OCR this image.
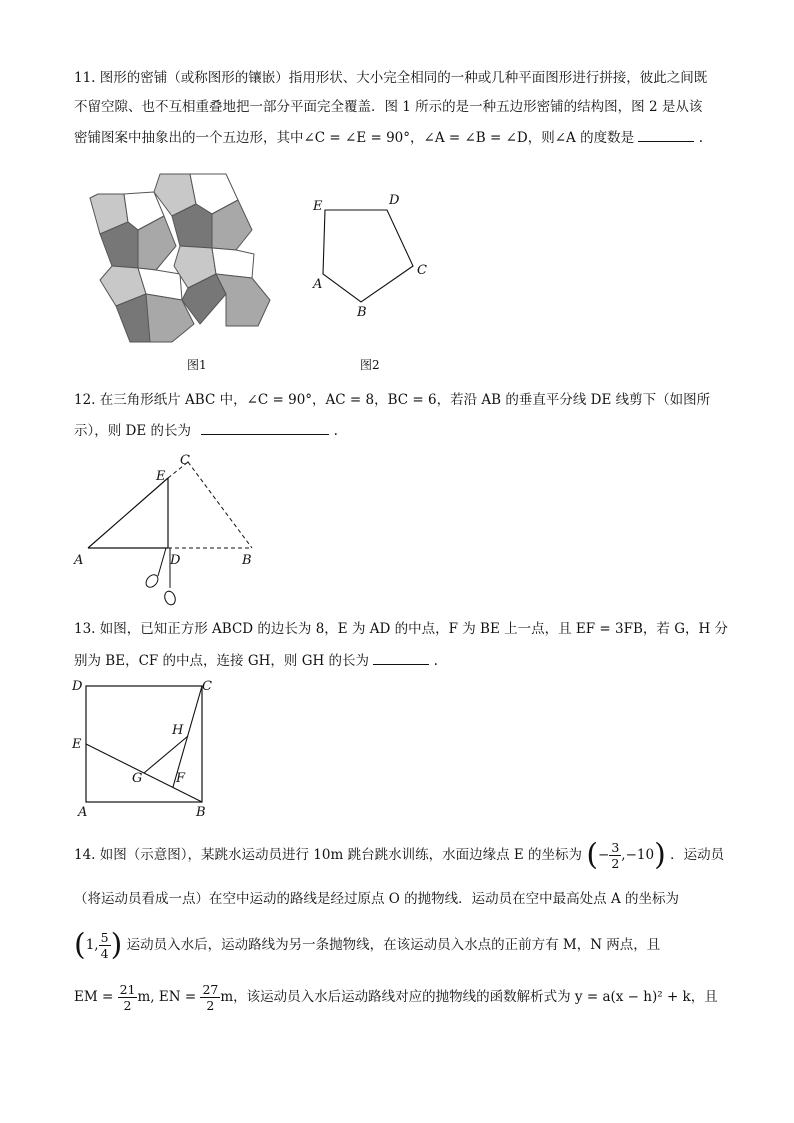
11. 图形的密铺（或称图形的镶嵌）指用形状、大小完全相同的一种或几种平面图形进行拼接，彼此之间既
不留空隙、也不互相重叠地把一部分平面完全覆盖．图 1 所示的是一种五边形密铺的结构图，图 2 是从该
密铺图案中抽象出的一个五边形，其中∠C = ∠E = 90°，∠A = ∠B = ∠D，则∠A 的度数是	.
图1
E	D
C
A
B
图2
12. 在三角形纸片 ABC 中，∠C = 90°，AC = 8，BC = 6，若沿 AB 的垂直平分线 DE 线剪下（如图所
示），则 DE 的长为	.
C
E
A	D	B
13. 如图，已知正方形 ABCD 的边长为 8，E 为 AD 的中点，F 为 BE 上一点，且 EF = 3FB，若 G，H 分
别为 BE，CF 的中点，连接 GH，则 GH 的长为	.
D	C
E
H
G	F
A	B
14. 如图（示意图），某跳水运动员进行 10m 跳台跳水训练，水面边缘点 E 的坐标为 (− $\frac{3}{2} ,-10$) ．运动员
（将运动员看成一点）在空中运动的路线是经过原点 O 的抛物线．运动员在空中最高处点 A 的坐标为
(1, $\frac{5}{4}$ ) 运动员入水后，运动路线为另一条抛物线，在该运动员入水点的正前方有 M，N 两点，且
EM = $\frac{21}{2} m$, EN = $\frac{27}{2}$ m，该运动员入水后运动路线对应的抛物线的函数解析式为 y = a(x − h)² + k，且
